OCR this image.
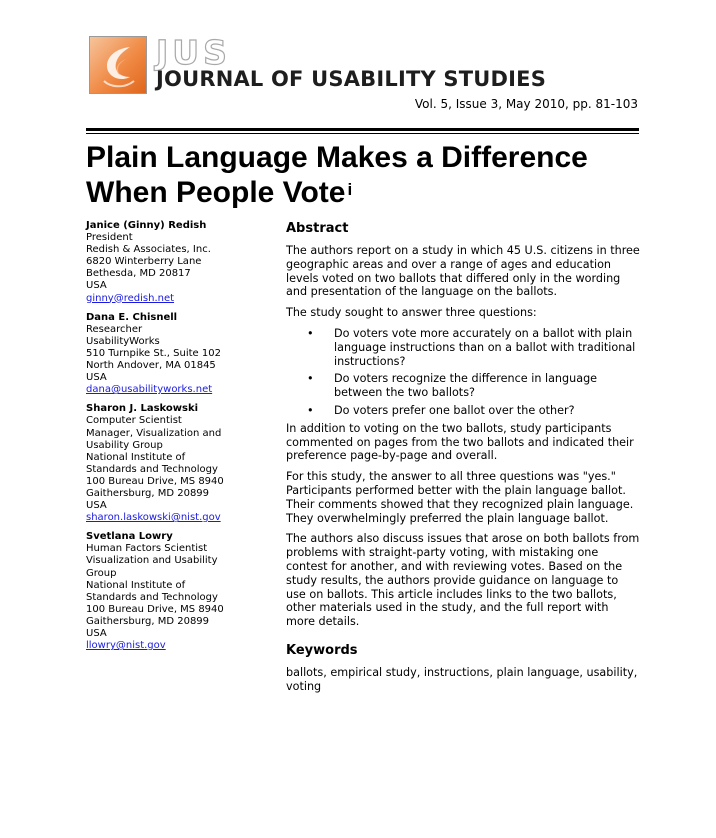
JUS
JOURNAL OF USABILITY STUDIES
Vol. 5, Issue 3, May 2010, pp. 81-103
Plain Language Makes a Difference
When People Vote $^i$
Janice (Ginny) Redish
President
Redish & Associates, Inc.
6820 Winterberry Lane
Bethesda, MD 20817
USA
ginny@redish.net
Dana E. Chisnell
Researcher
UsabilityWorks
510 Turnpike St., Suite 102
North Andover, MA 01845
USA
dana@usabilityworks.net
Sharon J. Laskowski
Computer Scientist
Manager, Visualization and
Usability Group
National Institute of
Standards and Technology
100 Bureau Drive, MS 8940
Gaithersburg, MD 20899
USA
sharon.laskowski@nist.gov
Svetlana Lowry
Human Factors Scientist
Visualization and Usability
Group
National Institute of
Standards and Technology
100 Bureau Drive, MS 8940
Gaithersburg, MD 20899
USA
llowry@nist.gov
Abstract

The authors report on a study in which 45 U.S. citizens in three geographic areas and over a range of ages and education levels voted on two ballots that differed only in the wording and presentation of the language on the ballots.

The study sought to answer three questions:

• Do voters vote more accurately on a ballot with plain language instructions than on a ballot with traditional instructions?
• Do voters recognize the difference in language between the two ballots?
• Do voters prefer one ballot over the other?

In addition to voting on the two ballots, study participants commented on pages from the two ballots and indicated their preference page-by-page and overall.

For this study, the answer to all three questions was "yes." Participants performed better with the plain language ballot. Their comments showed that they recognized plain language. They overwhelmingly preferred the plain language ballot.

The authors also discuss issues that arose on both ballots from problems with straight-party voting, with mistaking one contest for another, and with reviewing votes. Based on the study results, the authors provide guidance on language to use on ballots. This article includes links to the two ballots, other materials used in the study, and the full report with more details.

Keywords

ballots, empirical study, instructions, plain language, usability, voting
